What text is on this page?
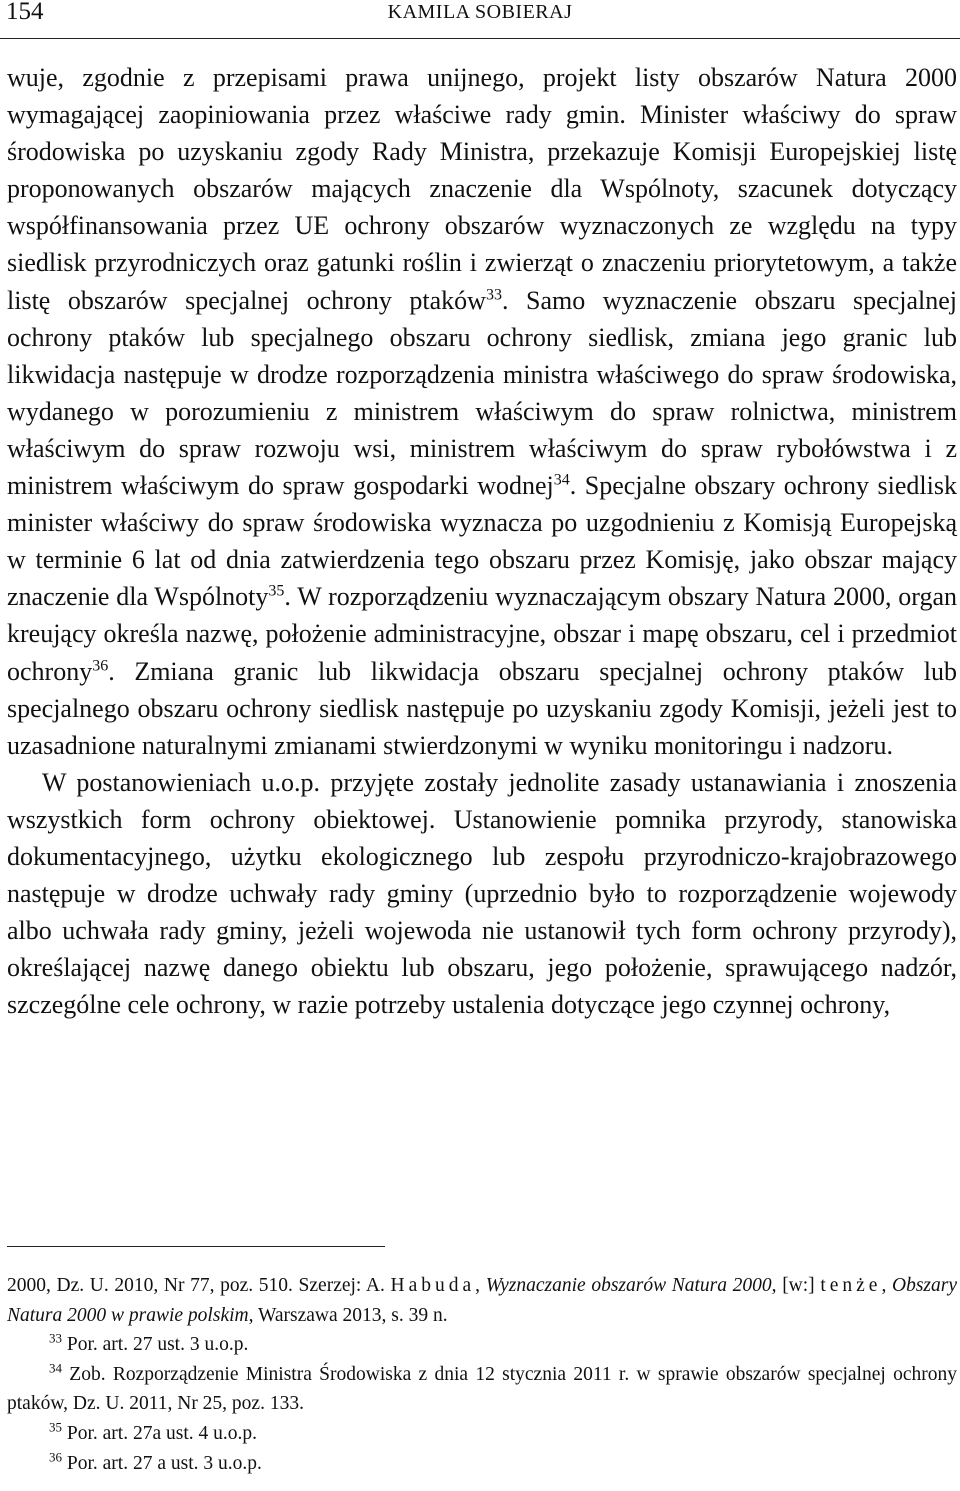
154	KAMILA SOBIERAJ

wuje, zgodnie z przepisami prawa unijnego, projekt listy obszarów Natura 2000 wymagającej zaopiniowania przez właściwe rady gmin. Minister właściwy do spraw środowiska po uzyskaniu zgody Rady Ministra, przekazuje Komisji Europejskiej listę proponowanych obszarów mających znaczenie dla Wspólnoty, szacunek dotyczący współfinansowania przez UE ochrony obszarów wyznaczonych ze względu na typy siedlisk przyrodniczych oraz gatunki roślin i zwierząt o znaczeniu priorytetowym, a także listę obszarów specjalnej ochrony ptaków$^{33}$. Samo wyznaczenie obszaru specjalnej ochrony ptaków lub specjalnego obszaru ochrony siedlisk, zmiana jego granic lub likwidacja następuje w drodze rozporządzenia ministra właściwego do spraw środowiska, wydanego w porozumieniu z ministrem właściwym do spraw rolnictwa, ministrem właściwym do spraw rozwoju wsi, ministrem właściwym do spraw rybołówstwa i z ministrem właściwym do spraw gospodarki wodnej$^{34}$. Specjalne obszary ochrony siedlisk minister właściwy do spraw środowiska wyznacza po uzgodnieniu z Komisją Europejską w terminie 6 lat od dnia zatwierdzenia tego obszaru przez Komisję, jako obszar mający znaczenie dla Wspólnoty$^{35}$. W rozporządzeniu wyznaczającym obszary Natura 2000, organ kreujący określa nazwę, położenie administracyjne, obszar i mapę obszaru, cel i przedmiot ochrony$^{36}$. Zmiana granic lub likwidacja obszaru specjalnej ochrony ptaków lub specjalnego obszaru ochrony siedlisk następuje po uzyskaniu zgody Komisji, jeżeli jest to uzasadnione naturalnymi zmianami stwierdzonymi w wyniku monitoringu i nadzoru.

W postanowieniach u.o.p. przyjęte zostały jednolite zasady ustanawiania i znoszenia wszystkich form ochrony obiektowej. Ustanowienie pomnika przyrody, stanowiska dokumentacyjnego, użytku ekologicznego lub zespołu przyrodniczo-krajobrazowego następuje w drodze uchwały rady gminy (uprzednio było to rozporządzenie wojewody albo uchwała rady gminy, jeżeli wojewoda nie ustanowił tych form ochrony przyrody), określającej nazwę danego obiektu lub obszaru, jego położenie, sprawującego nadzór, szczególne cele ochrony, w razie potrzeby ustalenia dotyczące jego czynnej ochrony,

2000, Dz. U. 2010, Nr 77, poz. 510. Szerzej: A. Habuda, Wyznaczanie obszarów Natura 2000, [w:] tenże, Obszary Natura 2000 w prawie polskim, Warszawa 2013, s. 39 n.

$^{33}$ Por. art. 27 ust. 3 u.o.p.

$^{34}$ Zob. Rozporządzenie Ministra Środowiska z dnia 12 stycznia 2011 r. w sprawie obszarów specjalnej ochrony ptaków, Dz. U. 2011, Nr 25, poz. 133.

$^{35}$ Por. art. 27a ust. 4 u.o.p.

$^{36}$ Por. art. 27 a ust. 3 u.o.p.
